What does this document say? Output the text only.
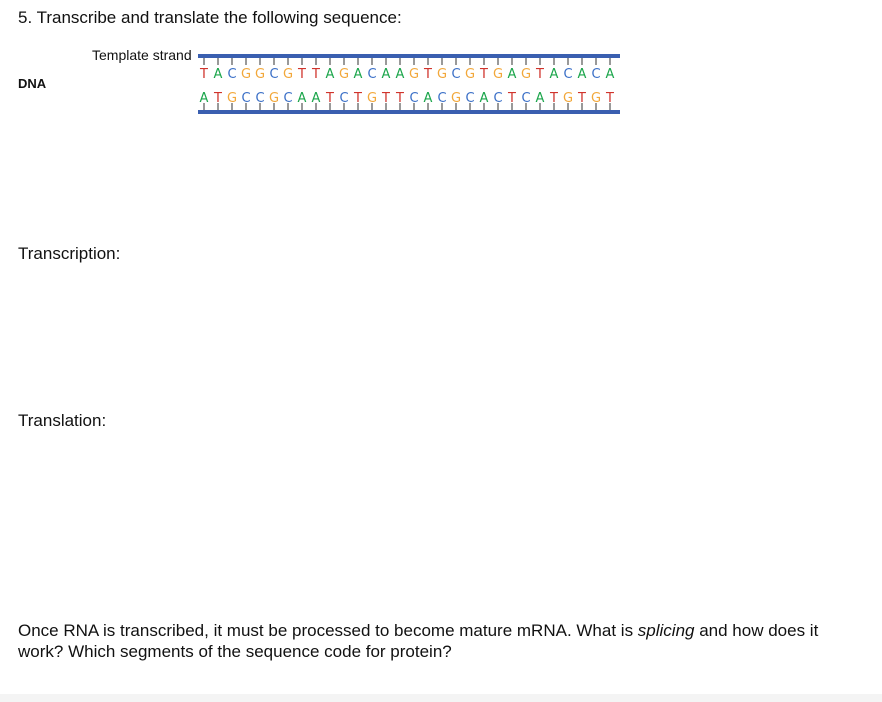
5. Transcribe and translate the following sequence:
DNA
Template strand
T A C G G C G T T A G A C A A G T G C G T G A G T A C A C A
A T G C C G C A A T C T G T T C A C G C A C T C A T G T G T
Transcription:
Translation:
Once RNA is transcribed, it must be processed to become mature mRNA. What is splicing and how does it work? Which segments of the sequence code for protein?
